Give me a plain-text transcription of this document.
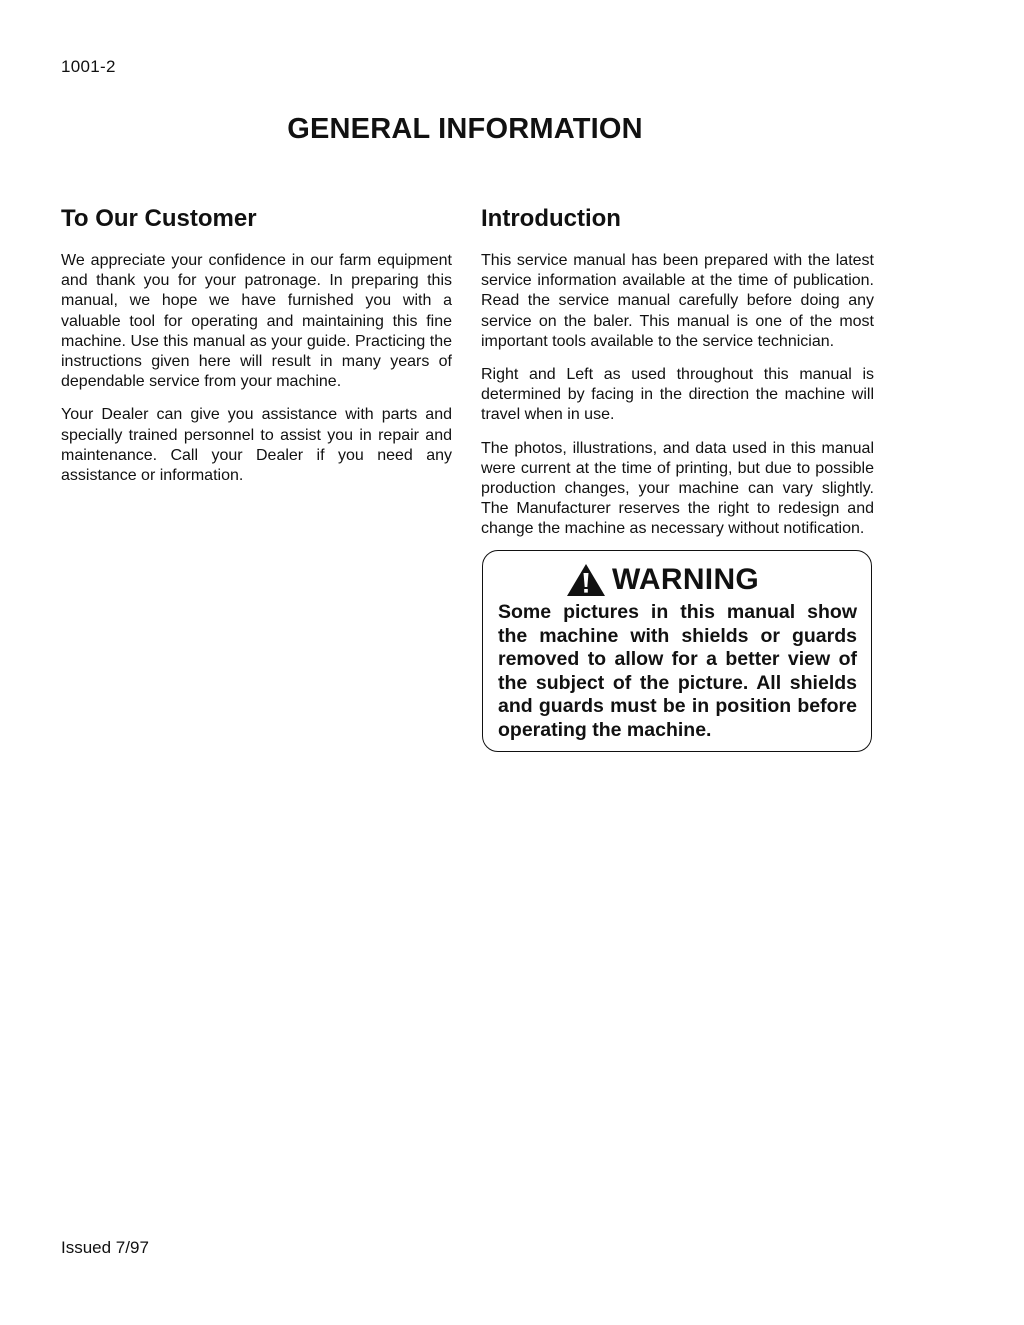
1001-2
GENERAL INFORMATION
To Our Customer

We appreciate your confidence in our farm equipment and thank you for your patronage. In preparing this manual, we hope we have furnished you with a valuable tool for operating and maintaining this fine machine. Use this manual as your guide. Practicing the instructions given here will result in many years of dependable service from your machine.

Your Dealer can give you assistance with parts and specially trained personnel to assist you in repair and maintenance. Call your Dealer if you need any assistance or information.

Introduction

This service manual has been prepared with the latest service information available at the time of publication. Read the service manual carefully before doing any service on the baler. This manual is one of the most important tools available to the service technician.

Right and Left as used throughout this manual is determined by facing in the direction the machine will travel when in use.

The photos, illustrations, and data used in this manual were current at the time of printing, but due to possible production changes, your machine can vary slightly. The Manufacturer reserves the right to redesign and change the machine as necessary without notification.

WARNING

Some pictures in this manual show the machine with shields or guards removed to allow for a better view of the subject of the picture. All shields and guards must be in position before operating the machine.

Issued 7/97
